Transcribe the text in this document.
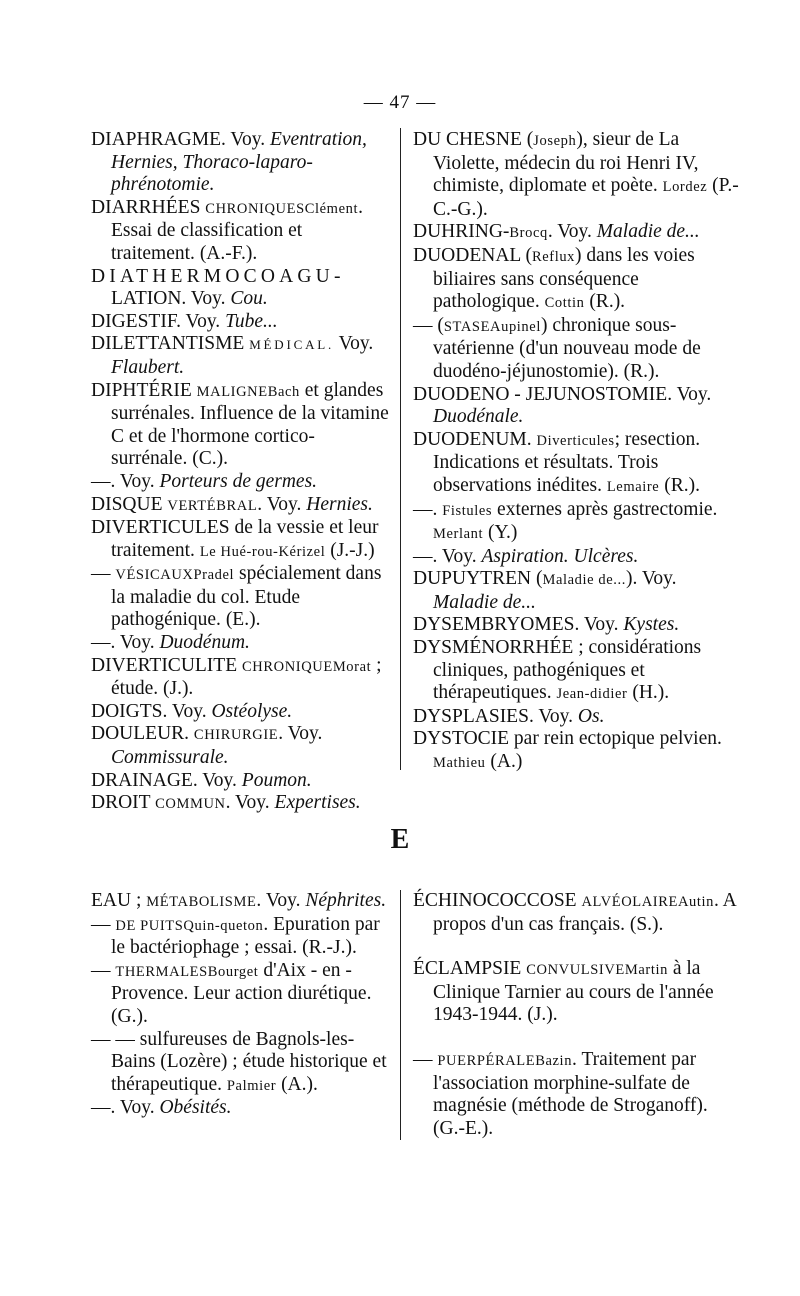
— 47 —

DIAPHRAGME. Voy. Eventration, Hernies, Thoraco-laparo-phrénotomie.

DIARRHÉES CHRONIQUESClément. Essai de classification et traitement. (A.-F.).

DIATHERMOCOAGU-LATION. Voy. Cou.

DIGESTIF. Voy. Tube...

DILETTANTISME MÉDICAL. Voy. Flaubert.

DIPHTÉRIE MALIGNEBach et glandes surrénales. Influence de la vitamine C et de l'hormone cortico-surrénale. (C.).

—. Voy. Porteurs de germes.

DISQUE VERTÉBRAL. Voy. Hernies.

DIVERTICULES de la vessie et leur traitement. Le Hué-rou-Kérizel (J.-J.)

— VÉSICAUXPradel spécialement dans la maladie du col. Etude pathogénique. (E.).

—. Voy. Duodénum.

DIVERTICULITE CHRONIQUEMorat ; étude. (J.).

DOIGTS. Voy. Ostéolyse.

DOULEUR. CHIRURGIE. Voy. Commissurale.

DRAINAGE. Voy. Poumon.

DROIT COMMUN. Voy. Expertises.

DU CHESNE (Joseph), sieur de La Violette, médecin du roi Henri IV, chimiste, diplomate et poète. Lordez (P.-C.-G.).

DUHRING-Brocq. Voy. Maladie de...

DUODENAL (Reflux) dans les voies biliaires sans conséquence pathologique. Cottin (R.).

— (STASEAupinel) chronique sous-vatérienne (d'un nouveau mode de duodéno-jéjunostomie). (R.).

DUODENO - JEJUNOSTOMIE. Voy. Duodénale.

DUODENUM. Diverticules; resection. Indications et résultats. Trois observations inédites. Lemaire (R.).

—. Fistules externes après gastrectomie. Merlant (Y.)

—. Voy. Aspiration. Ulcères.

DUPUYTREN (Maladie de...). Voy. Maladie de...

DYSEMBRYOMES. Voy. Kystes.

DYSMÉNORRHÉE ; considérations cliniques, pathogéniques et thérapeutiques. Jean-didier (H.).

DYSPLASIES. Voy. Os.

DYSTOCIE par rein ectopique pelvien. Mathieu (A.)

E

EAU ; MÉTABOLISME. Voy. Néphrites.

— DE PUITSQuin-queton. Epuration par le bactériophage ; essai. (R.-J.).

— THERMALESBourget d'Aix - en - Provence. Leur action diurétique. (G.).

— — sulfureuses de Bagnols-les-Bains (Lozère) ; étude historique et thérapeutique. Palmier (A.).

—. Voy. Obésités.

ÉCHINOCOCCOSE ALVÉOLAIREAutin. A propos d'un cas français. (S.).

ÉCLAMPSIE CONVULSIVEMartin à la Clinique Tarnier au cours de l'année 1943-1944. (J.).

— PUERPÉRALEBazin. Traitement par l'association morphine-sulfate de magnésie (méthode de Stroganoff). (G.-E.).
